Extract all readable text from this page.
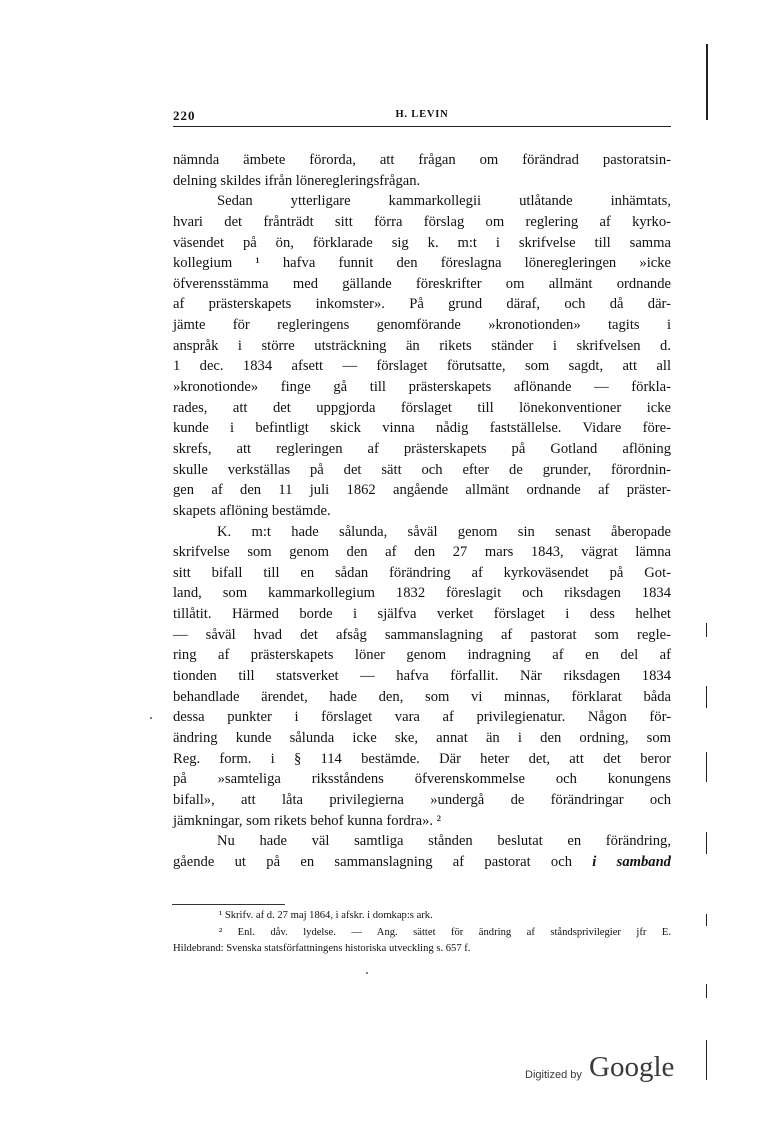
220	H. LEVIN
nämnda ämbete förorda, att frågan om förändrad pastoratsin-
delning skildes ifrån löneregleringsfrågan.
Sedan ytterligare kammarkollegii utlåtande inhämtats,
hvari det frånträdt sitt förra förslag om reglering af kyrko-
väsendet på ön, förklarade sig k. m:t i skrifvelse till samma
kollegium ¹ hafva funnit den föreslagna löneregleringen »icke
öfverensstämma med gällande föreskrifter om allmänt ordnande
af prästerskapets inkomster». På grund däraf, och då där-
jämte för regleringens genomförande »kronotionden» tagits i
anspråk i större utsträckning än rikets ständer i skrifvelsen d.
1 dec. 1834 afsett — förslaget förutsatte, som sagdt, att all
»kronotionde» finge gå till prästerskapets aflönande — förkla-
rades, att det uppgjorda förslaget till lönekonventioner icke
kunde i befintligt skick vinna nådig fastställelse. Vidare före-
skrefs, att regleringen af prästerskapets på Gotland aflöning
skulle verkställas på det sätt och efter de grunder, förordnin-
gen af den 11 juli 1862 angående allmänt ordnande af präster-
skapets aflöning bestämde.
K. m:t hade sålunda, såväl genom sin senast åberopade
skrifvelse som genom den af den 27 mars 1843, vägrat lämna
sitt bifall till en sådan förändring af kyrkoväsendet på Got-
land, som kammarkollegium 1832 föreslagit och riksdagen 1834
tillåtit. Härmed borde i själfva verket förslaget i dess helhet
— såväl hvad det afsåg sammanslagning af pastorat som regle-
ring af prästerskapets löner genom indragning af en del af
tionden till statsverket — hafva förfallit. När riksdagen 1834
behandlade ärendet, hade den, som vi minnas, förklarat båda
dessa punkter i förslaget vara af privilegienatur. Någon för-
ändring kunde sålunda icke ske, annat än i den ordning, som
Reg. form. i § 114 bestämde. Där heter det, att det beror
på »samteliga riksståndens öfverenskommelse och konungens
bifall», att låta privilegierna »undergå de förändringar och
jämkningar, som rikets behof kunna fordra». ²
Nu hade väl samtliga stånden beslutat en förändring,
gående ut på en sammanslagning af pastorat och i samband
¹ Skrifv. af d. 27 maj 1864, i afskr. i domkap:s ark.
² Enl. dåv. lydelse. — Ang. sättet för ändring af ståndsprivilegier jfr E.
Hildebrand: Svenska statsförfattningens historiska utveckling s. 657 f.
Digitized by Google
